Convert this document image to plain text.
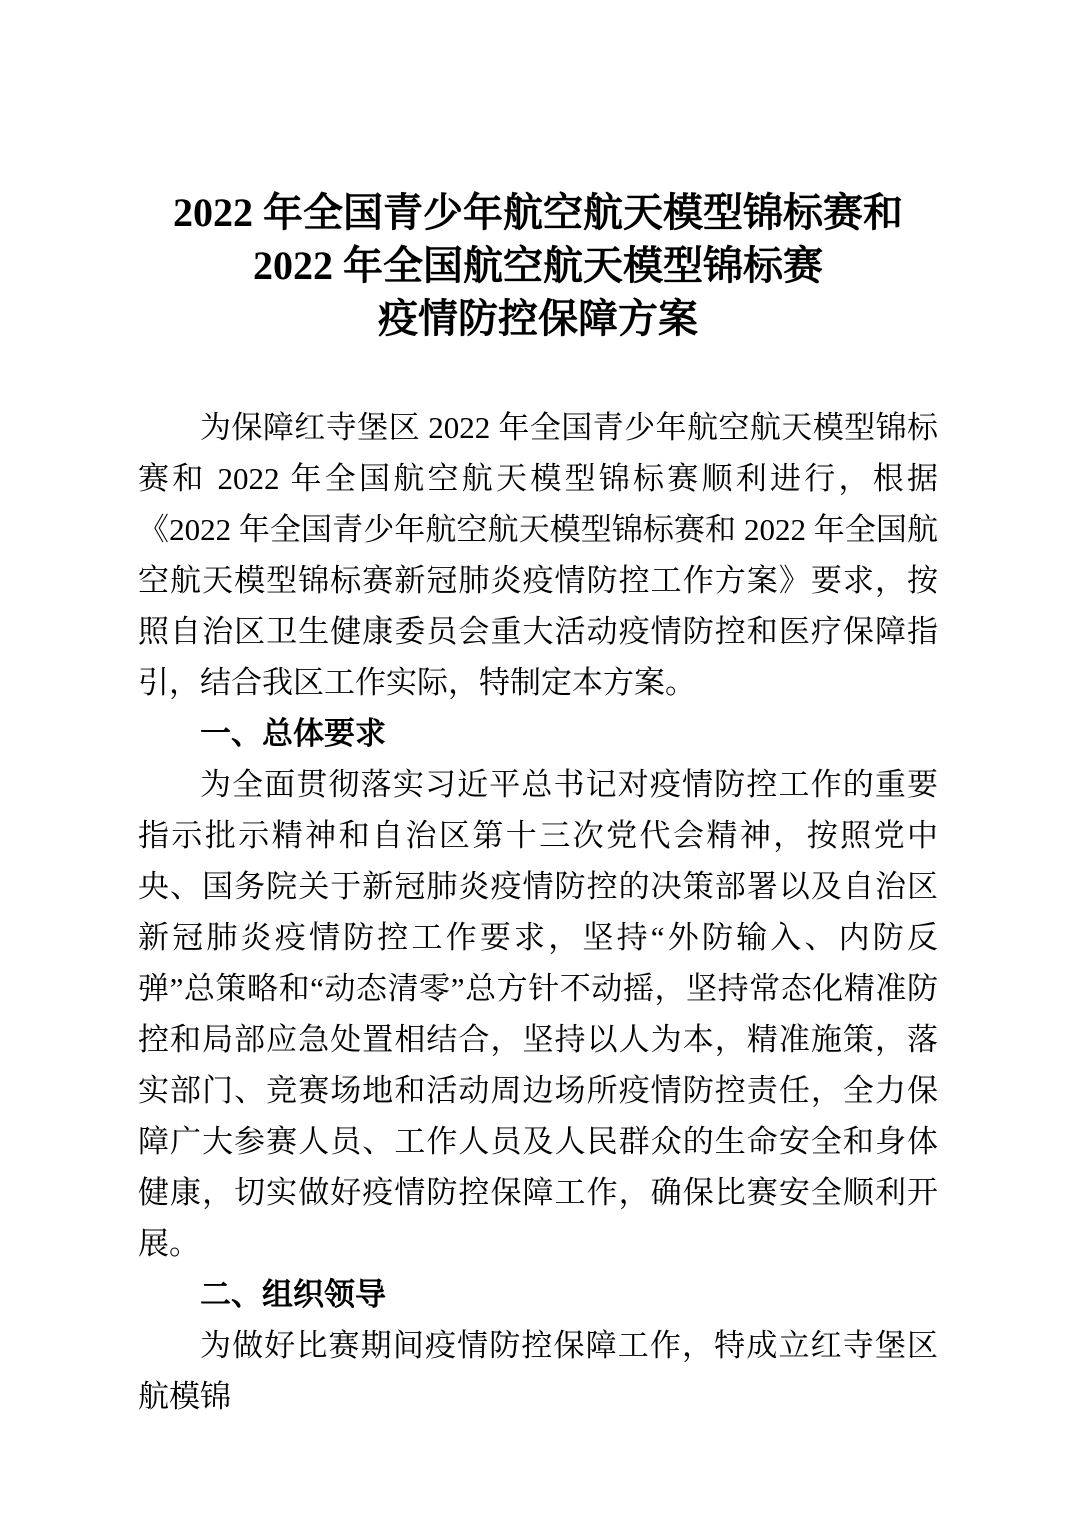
2022 年全国青少年航空航天模型锦标赛和
2022 年全国航空航天模型锦标赛
疫情防控保障方案

为保障红寺堡区 2022 年全国青少年航空航天模型锦标赛和 2022 年全国航空航天模型锦标赛顺利进行，根据《2022 年全国青少年航空航天模型锦标赛和 2022 年全国航空航天模型锦标赛新冠肺炎疫情防控工作方案》要求，按照自治区卫生健康委员会重大活动疫情防控和医疗保障指引，结合我区工作实际，特制定本方案。

一、总体要求

为全面贯彻落实习近平总书记对疫情防控工作的重要指示批示精神和自治区第十三次党代会精神，按照党中央、国务院关于新冠肺炎疫情防控的决策部署以及自治区新冠肺炎疫情防控工作要求，坚持“外防输入、内防反弹”总策略和“动态清零”总方针不动摇，坚持常态化精准防控和局部应急处置相结合，坚持以人为本，精准施策，落实部门、竞赛场地和活动周边场所疫情防控责任，全力保障广大参赛人员、工作人员及人民群众的生命安全和身体健康，切实做好疫情防控保障工作，确保比赛安全顺利开展。

二、组织领导

为做好比赛期间疫情防控保障工作，特成立红寺堡区航模锦
